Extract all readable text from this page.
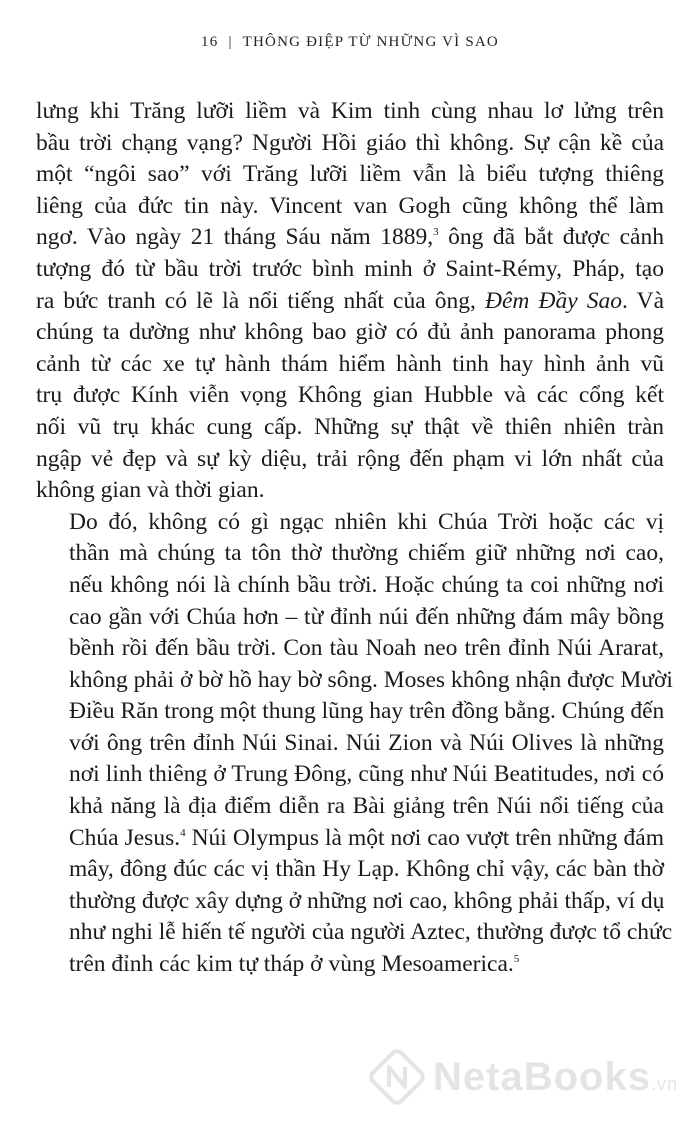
16 | THÔNG ĐIỆP TỪ NHỮNG VÌ SAO

lưng khi Trăng lưỡi liềm và Kim tinh cùng nhau lơ lửng trên
bầu trời chạng vạng? Người Hồi giáo thì không. Sự cận kề của
một “ngôi sao” với Trăng lưỡi liềm vẫn là biểu tượng thiêng
liêng của đức tin này. Vincent van Gogh cũng không thể làm
ngơ. Vào ngày 21 tháng Sáu năm 1889,$^3$ ông đã bắt được cảnh
tượng đó từ bầu trời trước bình minh ở Saint-Rémy, Pháp, tạo
ra bức tranh có lẽ là nổi tiếng nhất của ông, Đêm Đầy Sao. Và
chúng ta dường như không bao giờ có đủ ảnh panorama phong
cảnh từ các xe tự hành thám hiểm hành tinh hay hình ảnh vũ
trụ được Kính viễn vọng Không gian Hubble và các cổng kết
nối vũ trụ khác cung cấp. Những sự thật về thiên nhiên tràn
ngập vẻ đẹp và sự kỳ diệu, trải rộng đến phạm vi lớn nhất của
không gian và thời gian.

Do đó, không có gì ngạc nhiên khi Chúa Trời hoặc các vị
thần mà chúng ta tôn thờ thường chiếm giữ những nơi cao,
nếu không nói là chính bầu trời. Hoặc chúng ta coi những nơi
cao gần với Chúa hơn – từ đỉnh núi đến những đám mây bồng
bềnh rồi đến bầu trời. Con tàu Noah neo trên đỉnh Núi Ararat,
không phải ở bờ hồ hay bờ sông. Moses không nhận được Mười
Điều Răn trong một thung lũng hay trên đồng bằng. Chúng đến
với ông trên đỉnh Núi Sinai. Núi Zion và Núi Olives là những
nơi linh thiêng ở Trung Đông, cũng như Núi Beatitudes, nơi có
khả năng là địa điểm diễn ra Bài giảng trên Núi nổi tiếng của
Chúa Jesus.$^4$ Núi Olympus là một nơi cao vượt trên những đám
mây, đông đúc các vị thần Hy Lạp. Không chỉ vậy, các bàn thờ
thường được xây dựng ở những nơi cao, không phải thấp, ví dụ
như nghi lễ hiến tế người của người Aztec, thường được tổ chức
trên đỉnh các kim tự tháp ở vùng Mesoamerica.$^5$

NetaBooks.vn
